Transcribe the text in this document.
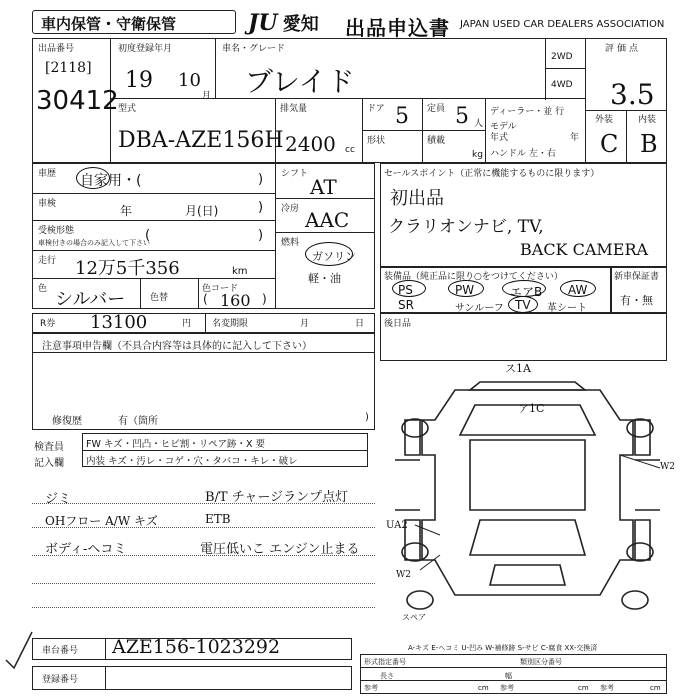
車内保管・守衛保管	JU 愛知 出品申込書 JAPAN USED CAR DEALERS ASSOCIATION
出品番号
[2118]
30412
初度登録年月
19 10
月
車名・グレード
ブレイド
2WD
4WD
評価点
3.5
外装	内装
C B
型式
DBA-AZE156H
排気量
2400 cc
ドア 5
形状
定員 5 人
積載
kg
ディーラー・並 行
モデル
年式	年
ハンドル 左・右
車歴 自家用・(	)
車検	年	月(日)	)
受検形態
車検付きの場合のみ記入して下さい
(	)
走行 12万5千356	km
色 シルバー	色替
色コード
( 160 )
シフト
AT
冷房 AAC
燃料
ガソリン
軽・油
セールスポイント（正常に機能するものに限ります）
初出品
クラリオンナビ, TV,
BACK CAMERA
装備品（純正品に限り○をつけてください）
PS	PW	エアB AW
SR	サンルーフ TV 革シート
新車保証書
有・無
R券 13100	円 名変期限	月	日 後日品
注意事項申告欄（不具合内容等は具体的に記入して下さい）
修復歴	有（箇所	)
検査員
記入欄
FW キズ・凹凸・ヒビ割・リペア跡・X 要
内装 キズ・汚レ・コゲ・穴・タバコ・キレ・破レ
ジミ	B/T チャージランプ点灯
OHフロー A/W キズ	ETB
ボディ-ヘコミ	電圧低いこ エンジン止まる
ス1A
ア1C
W2
UA2
W2
スペア
A-キズ E-ヘコミ U-凹み W-補修跡 S-サビ C-腐食 XX-交換済
車台番号 AZE156-1023292
登録番号
形式指定番号	類別区分番号
参考
長さ
cm 参考
幅
cm 参考	cm
